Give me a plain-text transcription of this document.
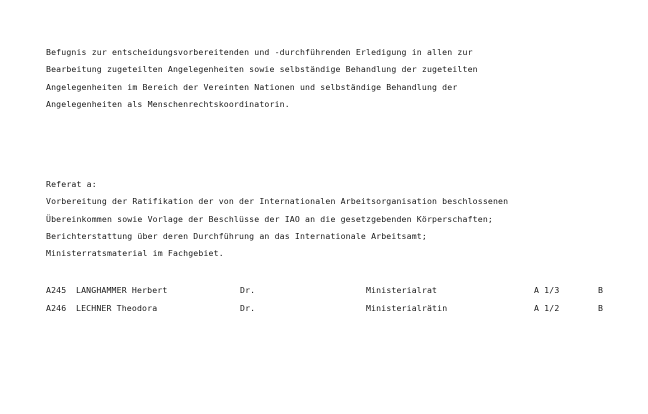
Befugnis zur entscheidungsvorbereitenden und -durchführenden Erledigung in allen zur
Bearbeitung zugeteilten Angelegenheiten sowie selbständige Behandlung der zugeteilten
Angelegenheiten im Bereich der Vereinten Nationen und selbständige Behandlung der
Angelegenheiten als Menschenrechtskoordinatorin.
Referat a:
Vorbereitung der Ratifikation der von der Internationalen Arbeitsorganisation beschlossenen
Übereinkommen sowie Vorlage der Beschlüsse der IAO an die gesetzgebenden Körperschaften;
Berichterstattung über deren Durchführung an das Internationale Arbeitsamt;
Ministerratsmaterial im Fachgebiet.
A245 LANGHAMMER Herbert	Dr.	Ministerialrat	A 1/3	B
A246 LECHNER Theodora	Dr.	Ministerialrätin	A 1/2	B
